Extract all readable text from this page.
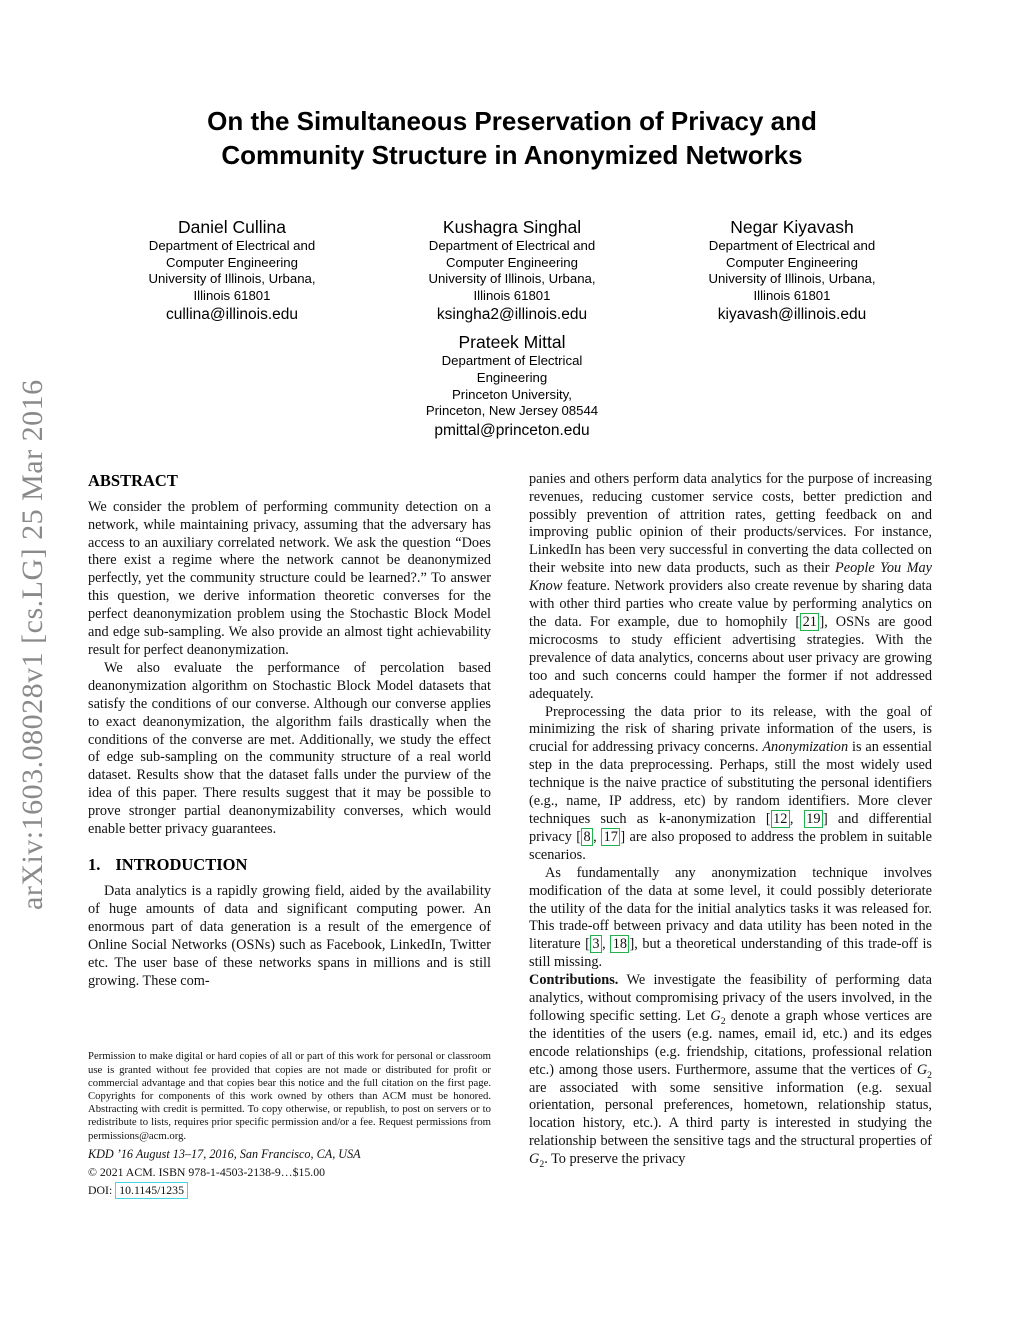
arXiv:1603.08028v1 [cs.LG] 25 Mar 2016
On the Simultaneous Preservation of Privacy and
Community Structure in Anonymized Networks
Daniel Cullina
Department of Electrical and
Computer Engineering
University of Illinois, Urbana,
Illinois 61801
cullina@illinois.edu
Kushagra Singhal
Department of Electrical and
Computer Engineering
University of Illinois, Urbana,
Illinois 61801
ksingha2@illinois.edu
Negar Kiyavash
Department of Electrical and
Computer Engineering
University of Illinois, Urbana,
Illinois 61801
kiyavash@illinois.edu
Prateek Mittal
Department of Electrical
Engineering
Princeton University,
Princeton, New Jersey 08544
pmittal@princeton.edu
ABSTRACT

We consider the problem of performing community detection on a network, while maintaining privacy, assuming that the adversary has access to an auxiliary correlated network. We ask the question “Does there exist a regime where the network cannot be deanonymized perfectly, yet the community structure could be learned?.” To answer this question, we derive information theoretic converses for the perfect deanonymization problem using the Stochastic Block Model and edge sub-sampling. We also provide an almost tight achievability result for perfect deanonymization.

We also evaluate the performance of percolation based deanonymization algorithm on Stochastic Block Model datasets that satisfy the conditions of our converse. Although our converse applies to exact deanonymization, the algorithm fails drastically when the conditions of the converse are met. Additionally, we study the effect of edge sub-sampling on the community structure of a real world dataset. Results show that the dataset falls under the purview of the idea of this paper. There results suggest that it may be possible to prove stronger partial deanonymizability converses, which would enable better privacy guarantees.

1. INTRODUCTION

Data analytics is a rapidly growing field, aided by the availability of huge amounts of data and significant computing power. An enormous part of data generation is a result of the emergence of Online Social Networks (OSNs) such as Facebook, LinkedIn, Twitter etc. The user base of these networks spans in millions and is still growing. These com-

Permission to make digital or hard copies of all or part of this work for personal or classroom use is granted without fee provided that copies are not made or distributed for profit or commercial advantage and that copies bear this notice and the full citation on the first page. Copyrights for components of this work owned by others than ACM must be honored. Abstracting with credit is permitted. To copy otherwise, or republish, to post on servers or to redistribute to lists, requires prior specific permission and/or a fee. Request permissions from permissions@acm.org.

KDD ’16 August 13–17, 2016, San Francisco, CA, USA

© 2021 ACM. ISBN 978-1-4503-2138-9…$15.00

DOI: 10.1145/1235

panies and others perform data analytics for the purpose of increasing revenues, reducing customer service costs, better prediction and possibly prevention of attrition rates, getting feedback on and improving public opinion of their products/services. For instance, LinkedIn has been very successful in converting the data collected on their website into new data products, such as their People You May Know feature. Network providers also create revenue by sharing data with other third parties who create value by performing analytics on the data. For example, due to homophily [ 21 ], OSNs are good microcosms to study efficient advertising strategies. With the prevalence of data analytics, concerns about user privacy are growing too and such concerns could hamper the former if not addressed adequately.

Preprocessing the data prior to its release, with the goal of minimizing the risk of sharing private information of the users, is crucial for addressing privacy concerns. Anonymization is an essential step in the data preprocessing. Perhaps, still the most widely used technique is the naive practice of substituting the personal identifiers (e.g., name, IP address, etc) by random identifiers. More clever techniques such as k-anonymization [ 12 , 19 ] and differential privacy [ 8 , 17 ] are also proposed to address the problem in suitable scenarios.

As fundamentally any anonymization technique involves modification of the data at some level, it could possibly deteriorate the utility of the data for the initial analytics tasks it was released for. This trade-off between privacy and data utility has been noted in the literature [ 3 , 18 ], but a theoretical understanding of this trade-off is still missing.

Contributions. We investigate the feasibility of performing data analytics, without compromising privacy of the users involved, in the following specific setting. Let $G_2$ denote a graph whose vertices are the identities of the users (e.g. names, email id, etc.) and its edges encode relationships (e.g. friendship, citations, professional relation etc.) among those users. Furthermore, assume that the vertices of $G_2$ are associated with some sensitive information (e.g. sexual orientation, personal preferences, hometown, relationship status, location history, etc.). A third party is interested in studying the relationship between the sensitive tags and the structural properties of $G_2$. To preserve the privacy
